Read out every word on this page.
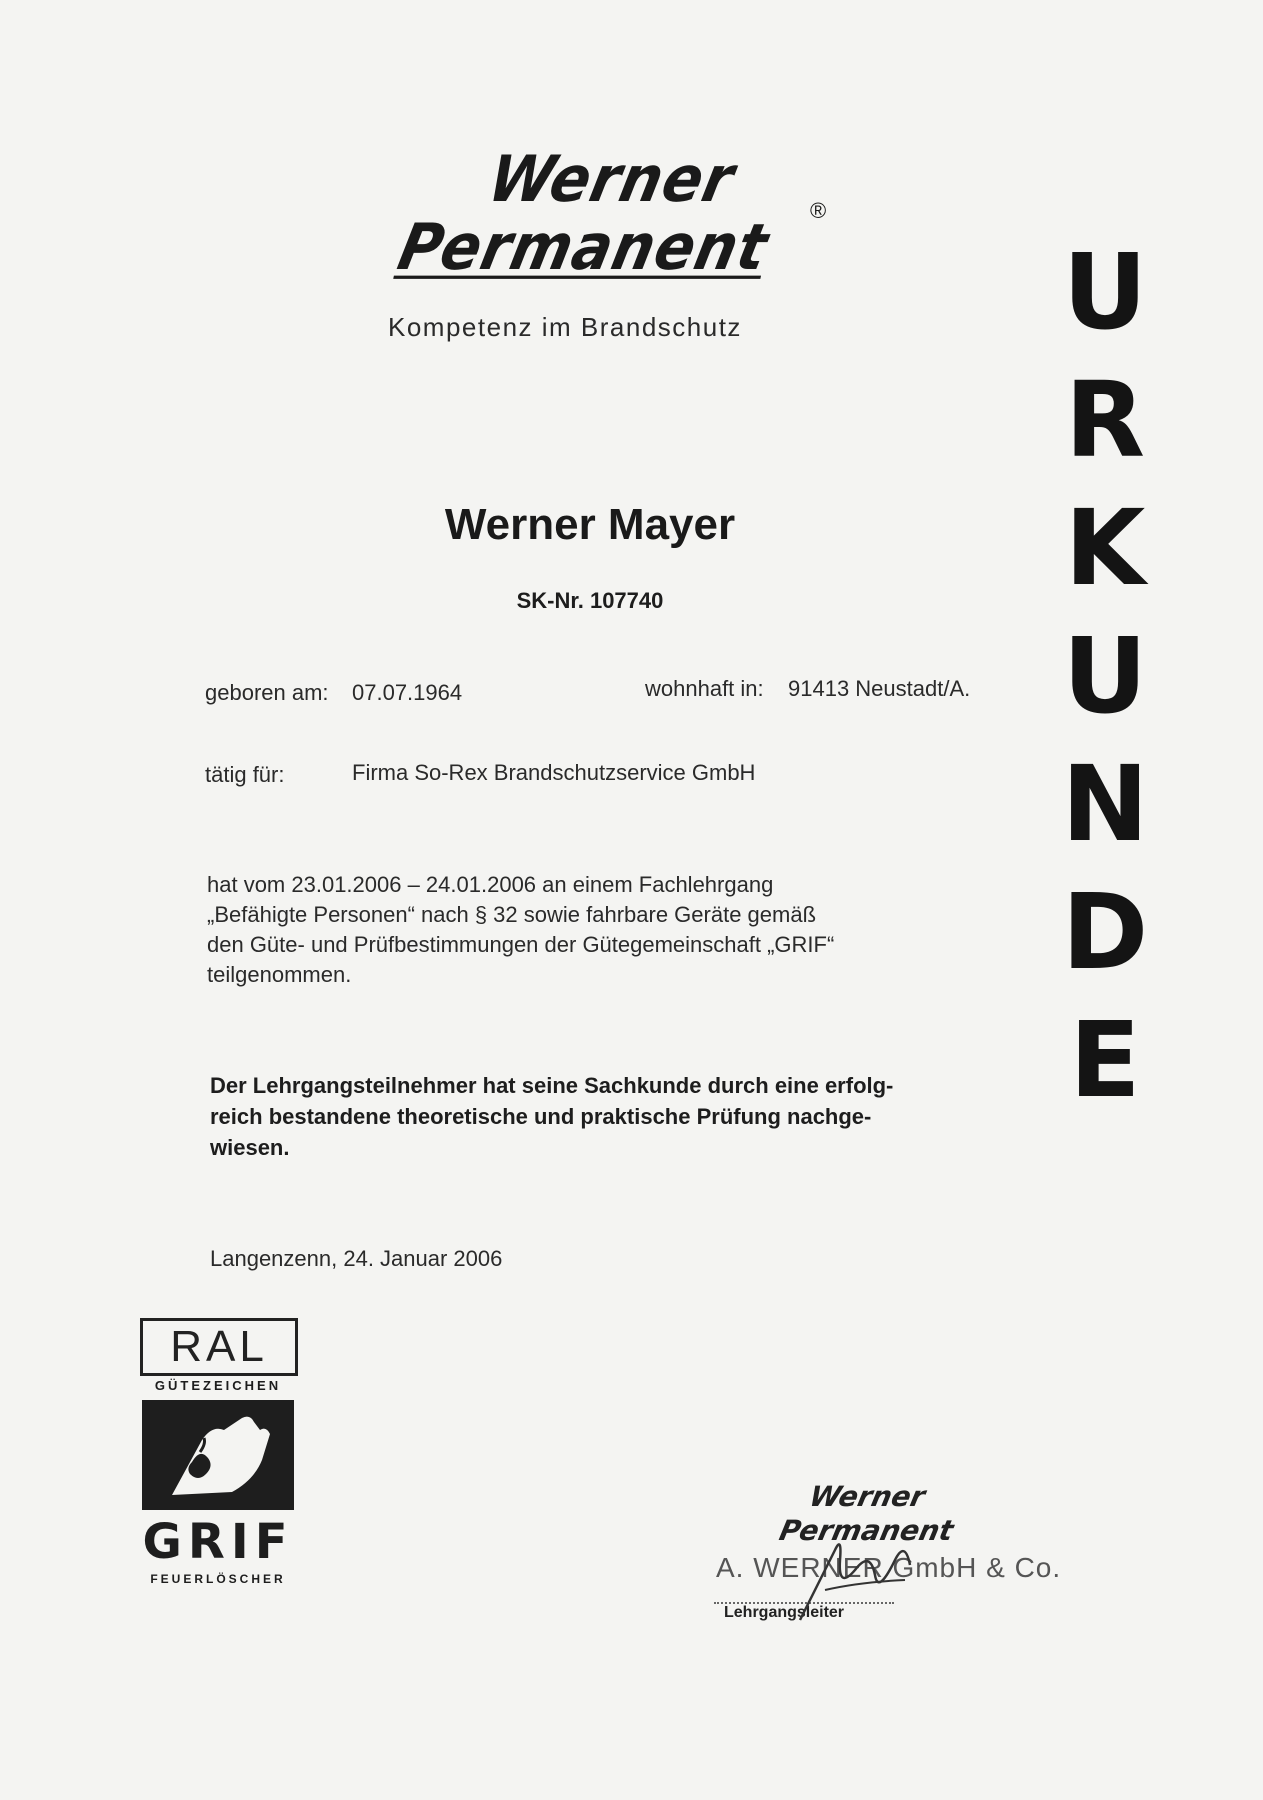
Werner
Permanent ®
Kompetenz im Brandschutz	U
R
K
U
N
D
E
Werner Mayer
SK-Nr. 107740
geboren am: 07.07.1964	wohnhaft in: 91413 Neustadt/A.
tätig für:	Firma So-Rex Brandschutzservice GmbH
hat vom 23.01.2006 – 24.01.2006 an einem Fachlehrgang
„Befähigte Personen“ nach § 32 sowie fahrbare Geräte gemäß
den Güte- und Prüfbestimmungen der Gütegemeinschaft „GRIF“
teilgenommen.
Der Lehrgangsteilnehmer hat seine Sachkunde durch eine erfolg-
reich bestandene theoretische und praktische Prüfung nachge-
wiesen.
Langenzenn, 24. Januar 2006
RAL
GÜTEZEICHEN
GRIF
FEUERLÖSCHER
Werner
Permanent
A. WERNER GmbH & Co.
Lehrgangsleiter
